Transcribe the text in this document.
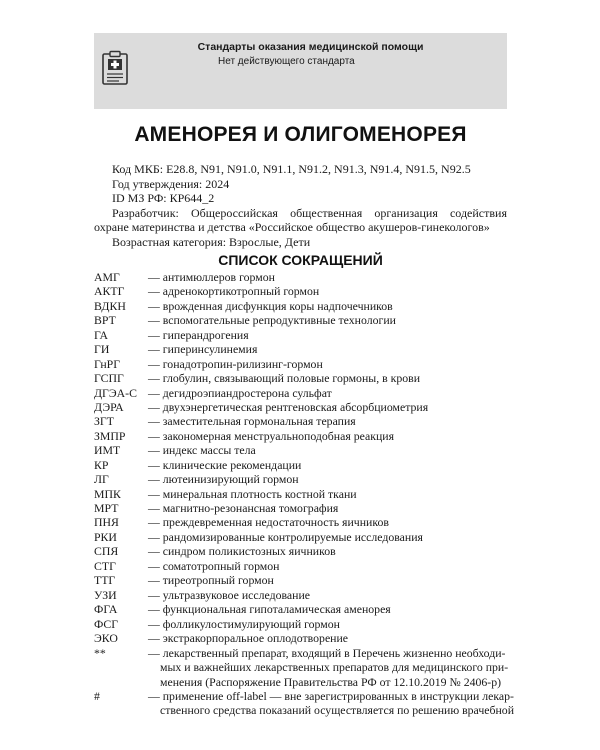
Стандарты оказания медицинской помощи
Нет действующего стандарта
АМЕНОРЕЯ И ОЛИГОМЕНОРЕЯ
Код МКБ: E28.8, N91, N91.0, N91.1, N91.2, N91.3, N91.4, N91.5, N92.5
Год утверждения: 2024
ID МЗ РФ: КР644_2
Разработчик: Общероссийская общественная организация содействия охране материнства и детства «Российское общество акушеров-гинекологов»
Возрастная категория: Взрослые, Дети
СПИСОК СОКРАЩЕНИЙ
АМГ — антимюллеров гормон
АКТГ — адренокортикотропный гормон
ВДКН — врожденная дисфункция коры надпочечников
ВРТ	— вспомогательные репродуктивные технологии
ГА	— гиперандрогения
ГИ	— гиперинсулинемия
ГнРГ — гонадотропин-рилизинг-гормон
ГСПГ — глобулин, связывающий половые гормоны, в крови
ДГЭА-С — дегидроэпиандростерона сульфат
ДЭРА — двухэнергетическая рентгеновская абсорбциометрия
ЗГТ	— заместительная гормональная терапия
ЗМПР — закономерная менструальноподобная реакция
ИМТ — индекс массы тела
КР	— клинические рекомендации
ЛГ	— лютеинизирующий гормон
МПК — минеральная плотность костной ткани
МРТ	— магнитно-резонансная томография
ПНЯ — преждевременная недостаточность яичников
РКИ	— рандомизированные контролируемые исследования
СПЯ	— синдром поликистозных яичников
СТГ	— соматотропный гормон
ТТГ	— тиреотропный гормон
УЗИ	— ультразвуковое исследование
ФГА	— функциональная гипоталамическая аменорея
ФСГ	— фолликулостимулирующий гормон
ЭКО	— экстракорпоральное оплодотворение
**	— лекарственный препарат, входящий в Перечень жизненно необходи-
мых и важнейших лекарственных препаратов для медицинского при-
менения (Распоряжение Правительства РФ от 12.10.2019 № 2406-р)
#	— применение off-label — вне зарегистрированных в инструкции лекар-
ственного средства показаний осуществляется по решению врачебной
